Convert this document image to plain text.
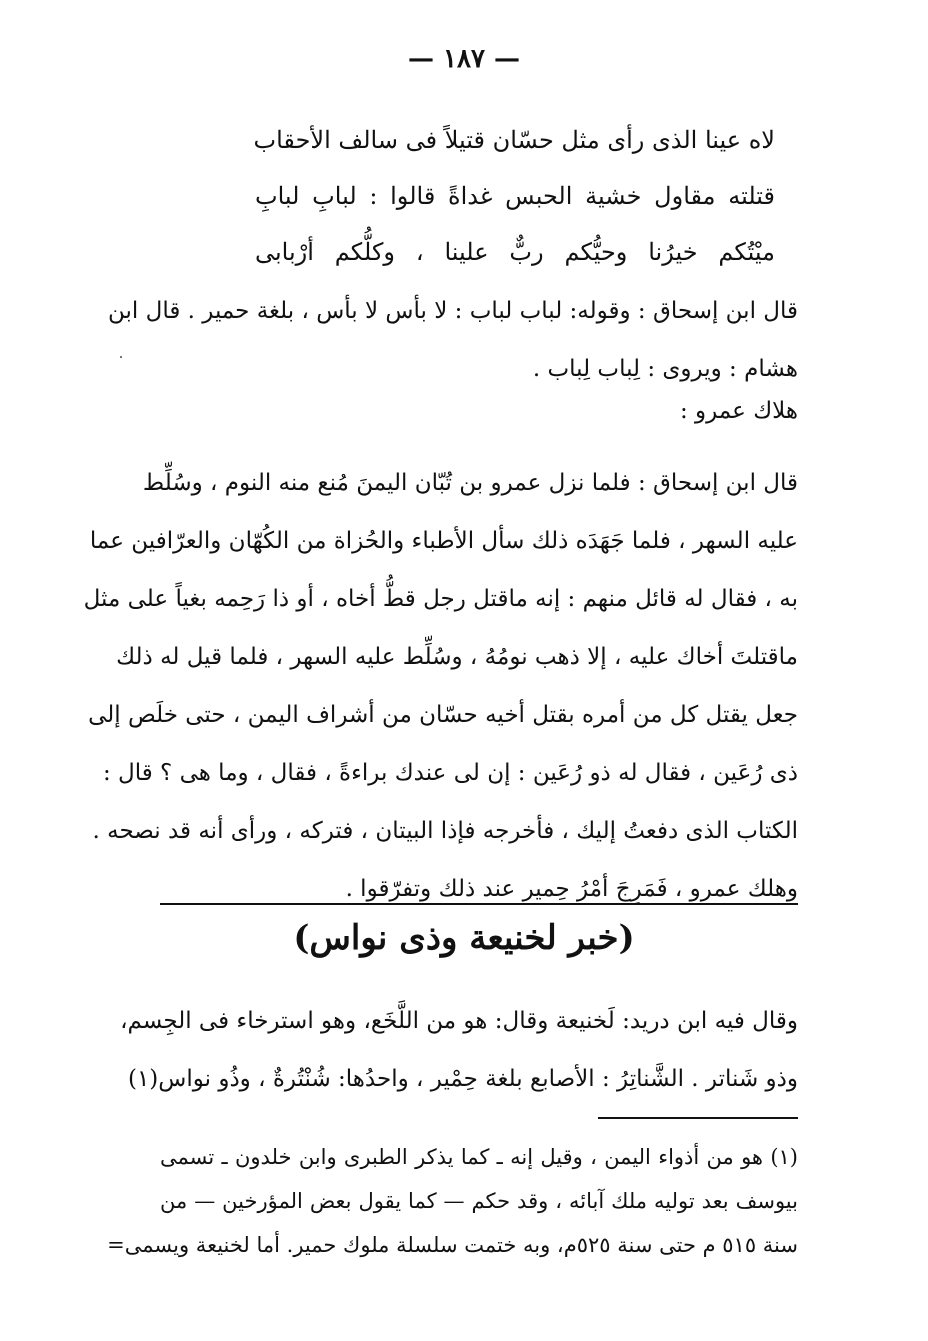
— ١٨٧ —
لاه عينا الذى رأى مثل حسّان قتيلاً فى سالف الأحقاب
قتلته مقاول خشية الحبس غداةً قالوا : لبابِ لبابِ
ميْتُكم خيرُنا وحيُّكم ربٌّ علينا ، وكلُّكم أرْبابى
قال ابن إسحاق : وقوله: لباب لباب : لا بأس لا بأس ، بلغة حمير . قال ابن
هشام : ويروى : لِباب لِباب .
هلاك عمرو :
قال ابن إسحاق : فلما نزل عمرو بن تُبّان اليمنَ مُنع منه النوم ، وسُلِّط
عليه السهر ، فلما جَهَدَه ذلك سأل الأطباء والحُزاة من الكُهّان والعرّافين عما
به ، فقال له قائل منهم : إنه ماقتل رجل قطُّ أخاه ، أو ذا رَحِمه بغياً على مثل
ماقتلتَ أخاك عليه ، إلا ذهب نومُهُ ، وسُلِّط عليه السهر ، فلما قيل له ذلك
جعل يقتل كل من أمره بقتل أخيه حسّان من أشراف اليمن ، حتى خلَص إلى
ذى رُعَين ، فقال له ذو رُعَين : إن لى عندك براءةً ، فقال ، وما هى ؟ قال :
الكتاب الذى دفعتُ إليك ، فأخرجه فإذا البيتان ، فتركه ، ورأى أنه قد نصحه .
وهلك عمرو ، فَمَرِجَ أمْرُ حِمير عند ذلك وتفرّقوا .
(خبر لخنيعة وذى نواس)
وقال فيه ابن دريد: لَخنيعة وقال: هو من اللَّخَع، وهو استرخاء فى الجِسم،
وذو شَناتر . الشَّناتِرُ : الأصابع بلغة حِمْير ، واحدُها: شُنْتُرةٌ ، وذُو نواس(١)
(١) هو من أذواء اليمن ، وقيل إنه ـ كما يذكر الطبرى وابن خلدون ـ تسمى
بيوسف بعد توليه ملك آبائه ، وقد حكم — كما يقول بعض المؤرخين — من
سنة ٥١٥ م حتى سنة ٥٢٥م، وبه ختمت سلسلة ملوك حمير. أما لخنيعة ويسمى=
